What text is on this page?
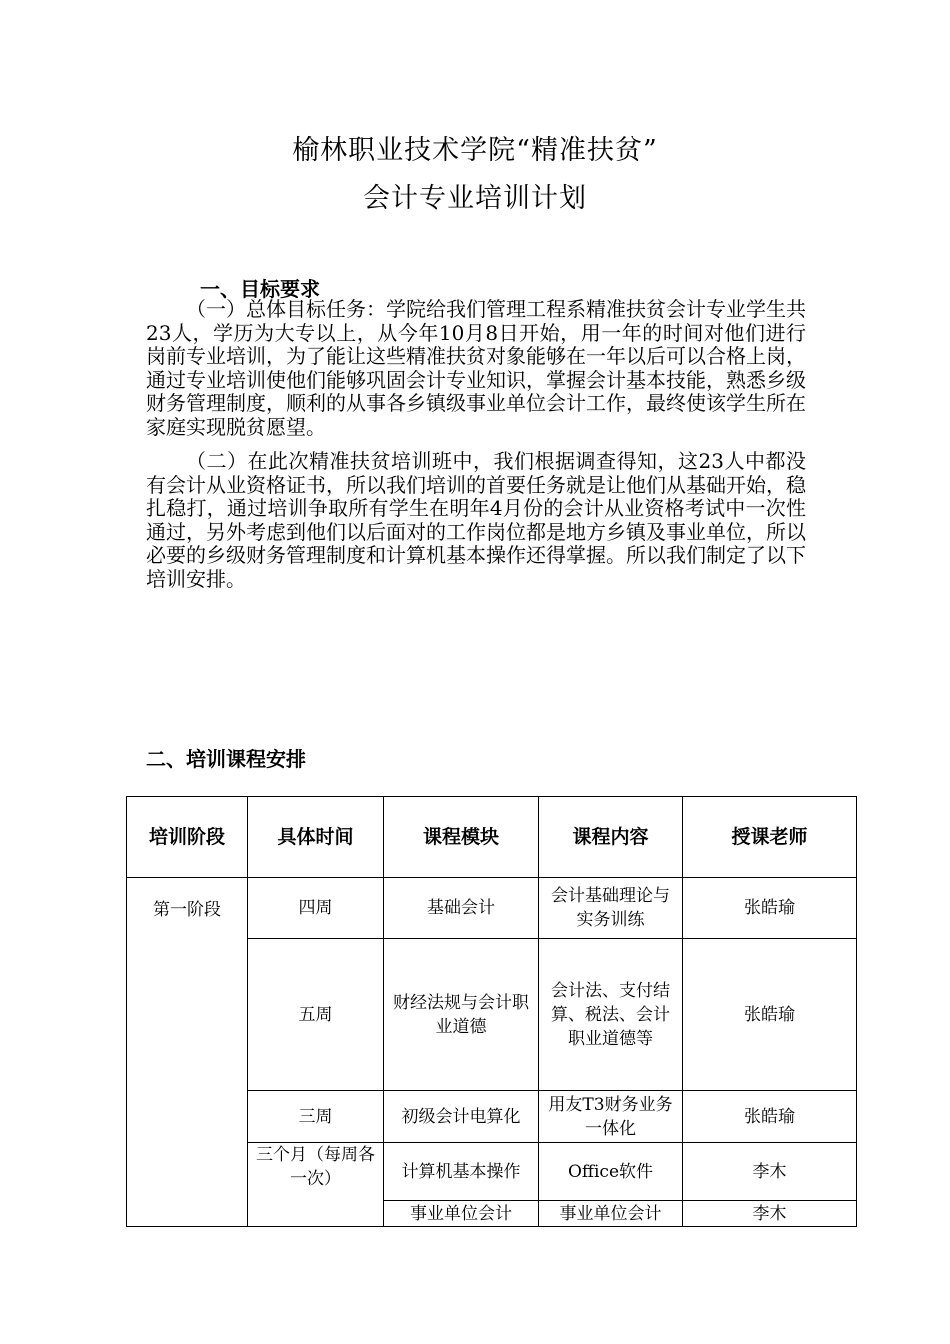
榆林职业技术学院“精准扶贫”
会计专业培训计划
一、目标要求

（一）总体目标任务：学院给我们管理工程系精准扶贫会计专业学生共23人，学历为大专以上，从今年10月8日开始，用一年的时间对他们进行岗前专业培训，为了能让这些精准扶贫对象能够在一年以后可以合格上岗，通过专业培训使他们能够巩固会计专业知识，掌握会计基本技能，熟悉乡级财务管理制度，顺利的从事各乡镇级事业单位会计工作，最终使该学生所在家庭实现脱贫愿望。

（二）在此次精准扶贫培训班中，我们根据调查得知，这23人中都没有会计从业资格证书，所以我们培训的首要任务就是让他们从基础开始，稳扎稳打，通过培训争取所有学生在明年4月份的会计从业资格考试中一次性通过，另外考虑到他们以后面对的工作岗位都是地方乡镇及事业单位，所以必要的乡级财务管理制度和计算机基本操作还得掌握。所以我们制定了以下培训安排。

二、培训课程安排
培训阶段	具体时间	课程模块	课程内容	授课老师
第一阶段	四周	基础会计	会计基础理论与实务训练	张皓瑜
	五周	财经法规与会计职业道德	会计法、支付结算、税法、会计职业道德等	张皓瑜
	三周	初级会计电算化	用友T3财务业务一体化	张皓瑜
	三个月（每周各一次）	计算机基本操作	Office软件	李木
		事业单位会计	事业单位会计	李木
